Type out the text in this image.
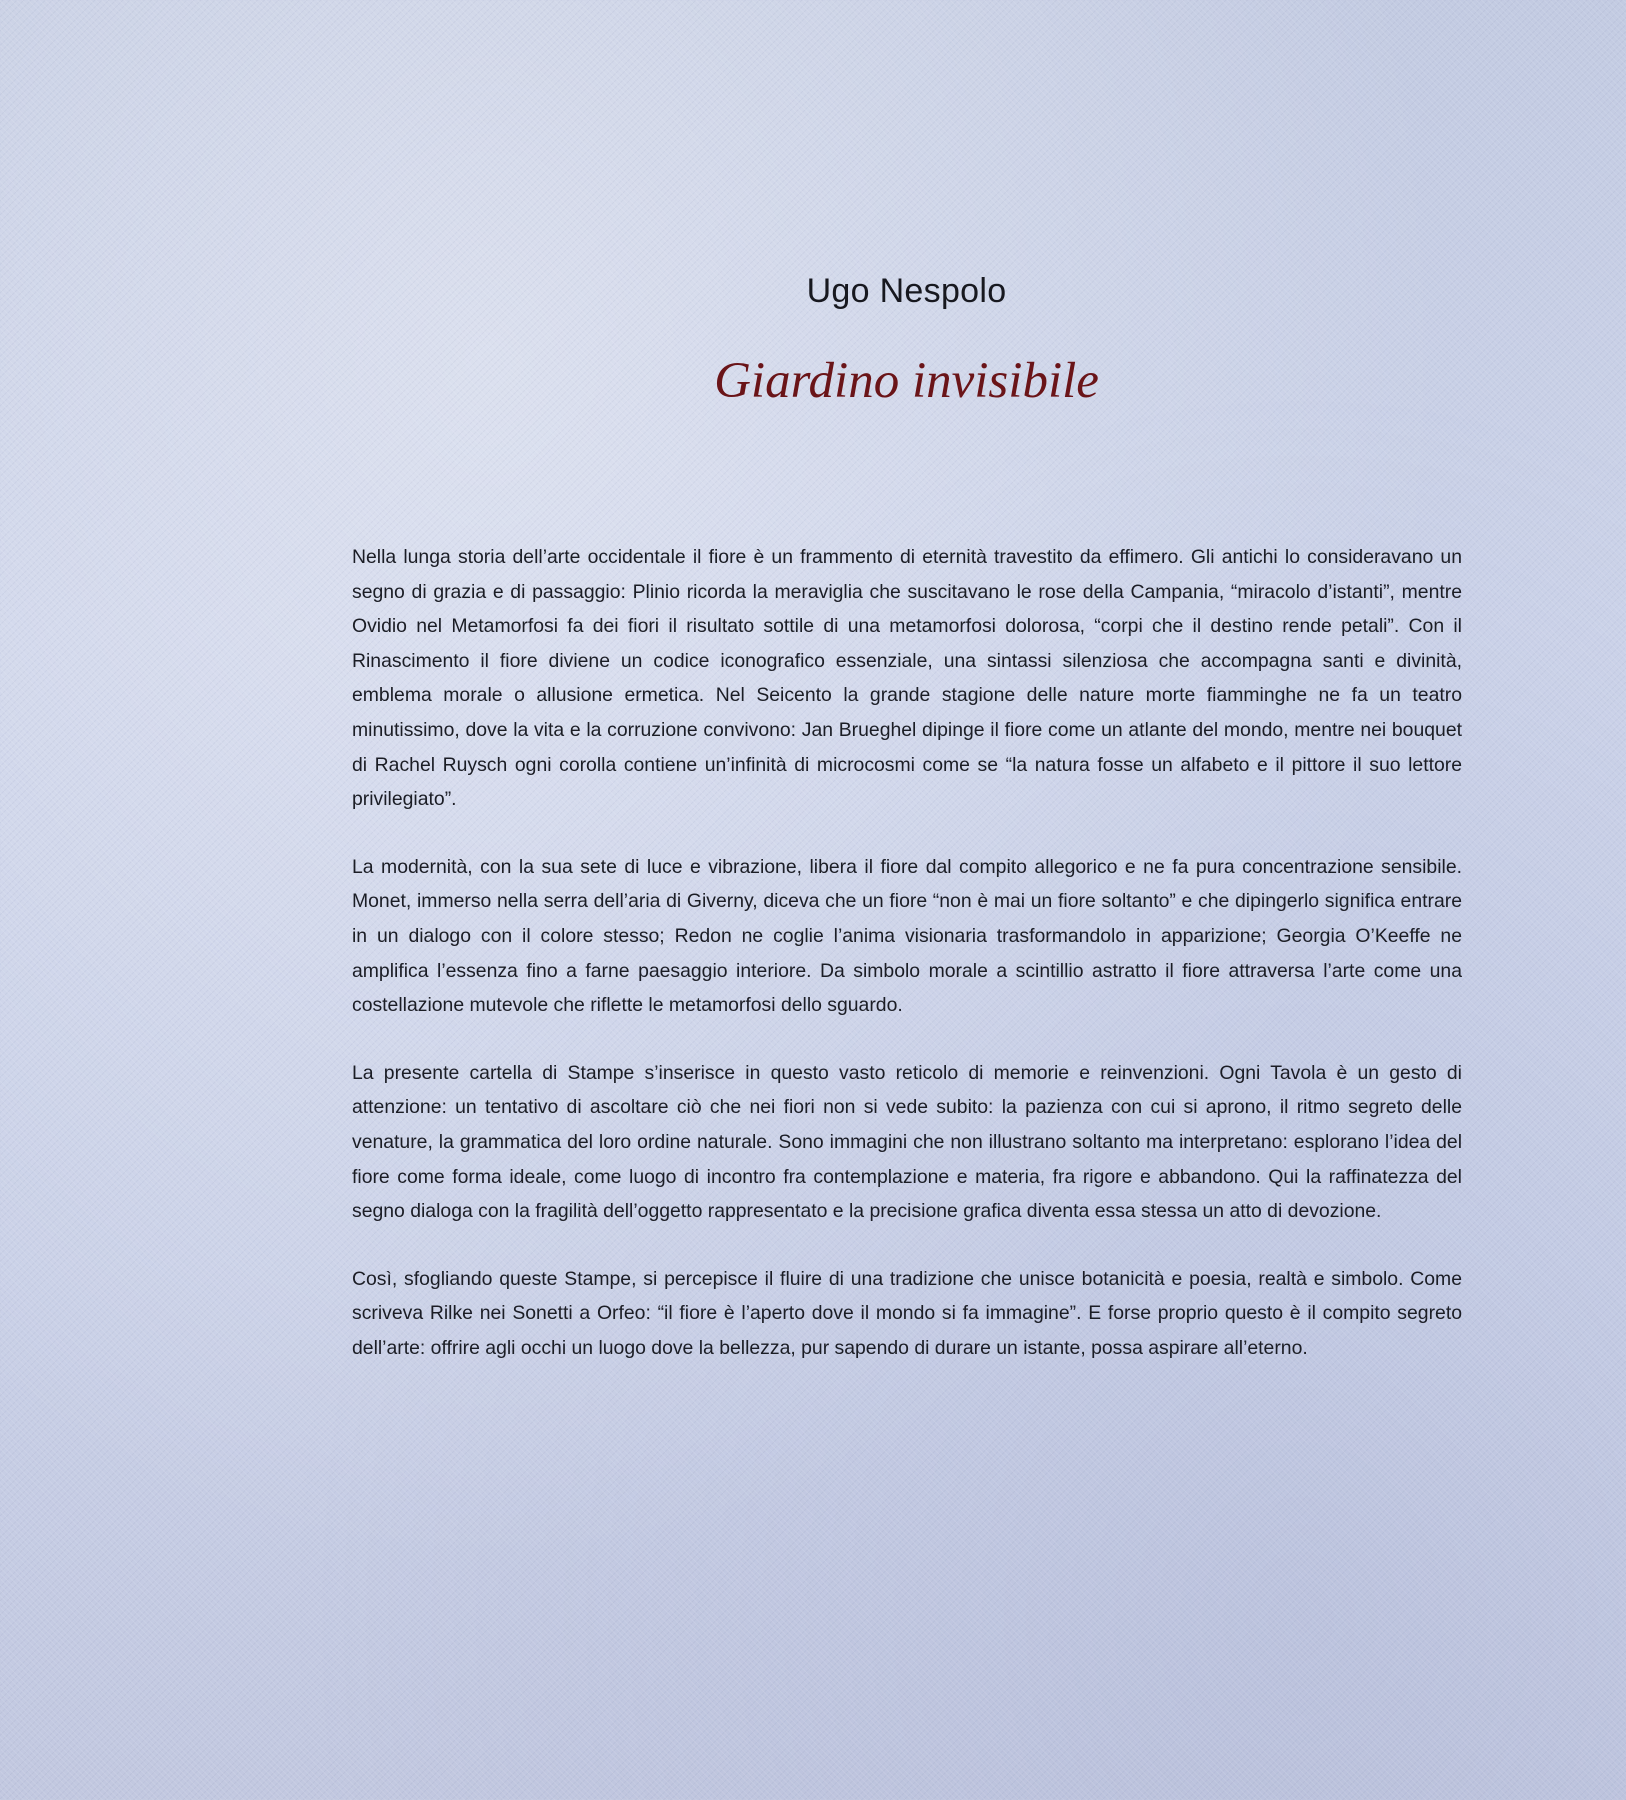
Ugo Nespolo
Giardino invisibile

Nella lunga storia dell’arte occidentale il fiore è un frammento di eternità travestito da effimero. Gli antichi lo consideravano un segno di grazia e di passaggio: Plinio ricorda la meraviglia che suscitavano le rose della Campania, “miracolo d’istanti”, mentre Ovidio nel Metamorfosi fa dei fiori il risultato sottile di una metamorfosi dolorosa, “corpi che il destino rende petali”. Con il Rinascimento il fiore diviene un codice iconografico essenziale, una sintassi silenziosa che accompagna santi e divinità, emblema morale o allusione ermetica. Nel Seicento la grande stagione delle nature morte fiamminghe ne fa un teatro minutissimo, dove la vita e la corruzione convivono: Jan Brueghel dipinge il fiore come un atlante del mondo, mentre nei bouquet di Rachel Ruysch ogni corolla contiene un’infinità di microcosmi come se “la natura fosse un alfabeto e il pittore il suo lettore privilegiato”.

La modernità, con la sua sete di luce e vibrazione, libera il fiore dal compito allegorico e ne fa pura concentrazione sensibile. Monet, immerso nella serra dell’aria di Giverny, diceva che un fiore “non è mai un fiore soltanto” e che dipingerlo significa entrare in un dialogo con il colore stesso; Redon ne coglie l’anima visionaria trasformandolo in apparizione; Georgia O’Keeffe ne amplifica l’essenza fino a farne paesaggio interiore. Da simbolo morale a scintillio astratto il fiore attraversa l’arte come una costellazione mutevole che riflette le metamorfosi dello sguardo.

La presente cartella di Stampe s’inserisce in questo vasto reticolo di memorie e reinvenzioni. Ogni Tavola è un gesto di attenzione: un tentativo di ascoltare ciò che nei fiori non si vede subito: la pazienza con cui si aprono, il ritmo segreto delle venature, la grammatica del loro ordine naturale. Sono immagini che non illustrano soltanto ma interpretano: esplorano l’idea del fiore come forma ideale, come luogo di incontro fra contemplazione e materia, fra rigore e abbandono. Qui la raffinatezza del segno dialoga con la fragilità dell’oggetto rappresentato e la precisione grafica diventa essa stessa un atto di devozione.

Così, sfogliando queste Stampe, si percepisce il fluire di una tradizione che unisce botanicità e poesia, realtà e simbolo. Come scriveva Rilke nei Sonetti a Orfeo: “il fiore è l’aperto dove il mondo si fa immagine”. E forse proprio questo è il compito segreto dell’arte: offrire agli occhi un luogo dove la bellezza, pur sapendo di durare un istante, possa aspirare all’eterno.
